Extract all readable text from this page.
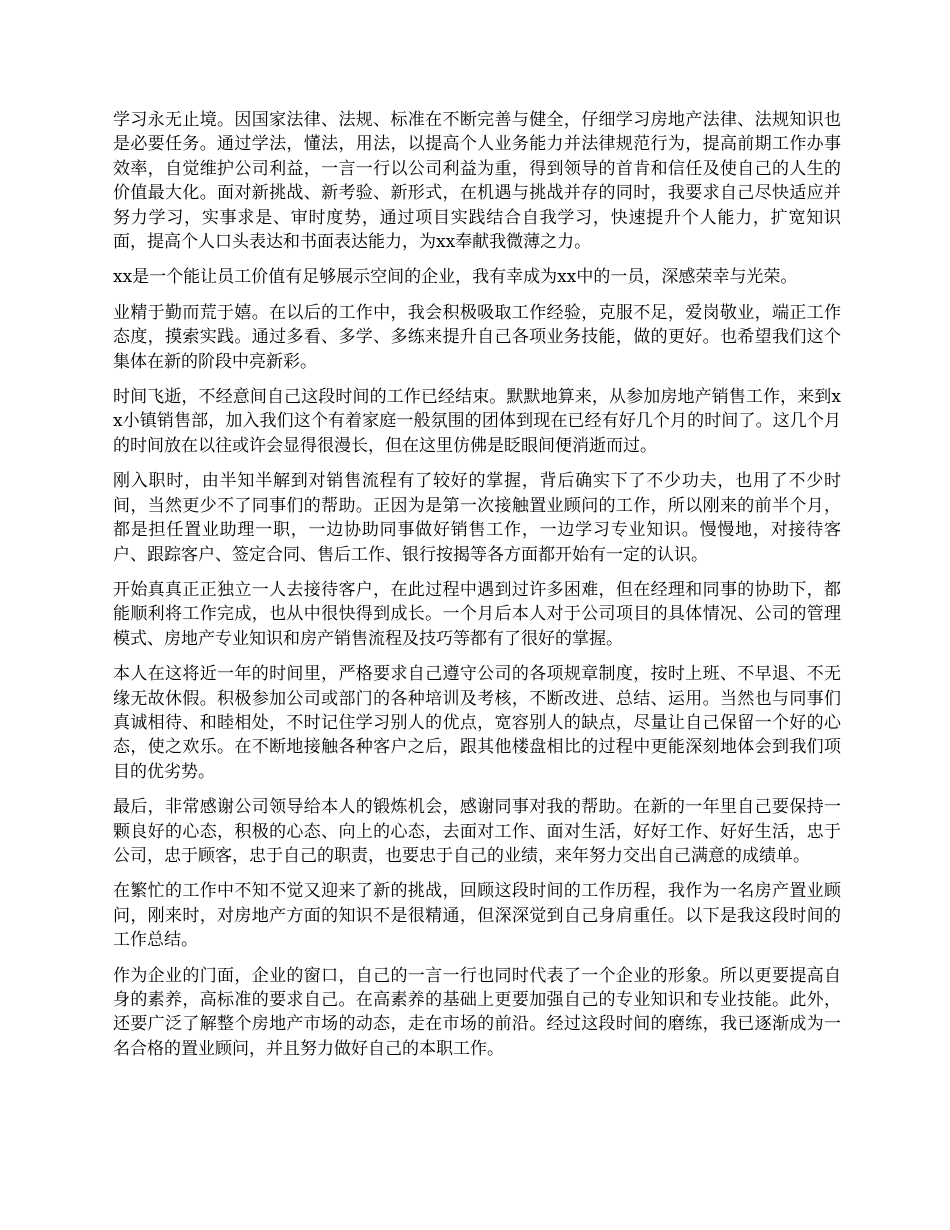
学习永无止境。因国家法律、法规、标准在不断完善与健全，仔细学习房地产法律、法规知识也是必要任务。通过学法，懂法，用法，以提高个人业务能力并法律规范行为，提高前期工作办事效率，自觉维护公司利益，一言一行以公司利益为重，得到领导的首肯和信任及使自己的人生的价值最大化。面对新挑战、新考验、新形式，在机遇与挑战并存的同时，我要求自己尽快适应并努力学习，实事求是、审时度势，通过项目实践结合自我学习，快速提升个人能力，扩宽知识面，提高个人口头表达和书面表达能力，为xx奉献我微薄之力。

xx是一个能让员工价值有足够展示空间的企业，我有幸成为xx中的一员，深感荣幸与光荣。

业精于勤而荒于嬉。在以后的工作中，我会积极吸取工作经验，克服不足，爱岗敬业，端正工作态度，摸索实践。通过多看、多学、多练来提升自己各项业务技能，做的更好。也希望我们这个集体在新的阶段中亮新彩。

时间飞逝，不经意间自己这段时间的工作已经结束。默默地算来，从参加房地产销售工作，来到xx小镇销售部，加入我们这个有着家庭一般氛围的团体到现在已经有好几个月的时间了。这几个月的时间放在以往或许会显得很漫长，但在这里仿佛是眨眼间便消逝而过。

刚入职时，由半知半解到对销售流程有了较好的掌握，背后确实下了不少功夫，也用了不少时间，当然更少不了同事们的帮助。正因为是第一次接触置业顾问的工作，所以刚来的前半个月，都是担任置业助理一职，一边协助同事做好销售工作，一边学习专业知识。慢慢地，对接待客户、跟踪客户、签定合同、售后工作、银行按揭等各方面都开始有一定的认识。

开始真真正正独立一人去接待客户，在此过程中遇到过许多困难，但在经理和同事的协助下，都能顺利将工作完成，也从中很快得到成长。一个月后本人对于公司项目的具体情况、公司的管理模式、房地产专业知识和房产销售流程及技巧等都有了很好的掌握。

本人在这将近一年的时间里，严格要求自己遵守公司的各项规章制度，按时上班、不早退、不无缘无故休假。积极参加公司或部门的各种培训及考核，不断改进、总结、运用。当然也与同事们真诚相待、和睦相处，不时记住学习别人的优点，宽容别人的缺点，尽量让自己保留一个好的心态，使之欢乐。在不断地接触各种客户之后，跟其他楼盘相比的过程中更能深刻地体会到我们项目的优劣势。

最后，非常感谢公司领导给本人的锻炼机会，感谢同事对我的帮助。在新的一年里自己要保持一颗良好的心态，积极的心态、向上的心态，去面对工作、面对生活，好好工作、好好生活，忠于公司，忠于顾客，忠于自己的职责，也要忠于自己的业绩，来年努力交出自己满意的成绩单。

在繁忙的工作中不知不觉又迎来了新的挑战，回顾这段时间的工作历程，我作为一名房产置业顾问，刚来时，对房地产方面的知识不是很精通，但深深觉到自己身肩重任。以下是我这段时间的工作总结。

作为企业的门面，企业的窗口，自己的一言一行也同时代表了一个企业的形象。所以更要提高自身的素养，高标准的要求自己。在高素养的基础上更要加强自己的专业知识和专业技能。此外，还要广泛了解整个房地产市场的动态，走在市场的前沿。经过这段时间的磨练，我已逐渐成为一名合格的置业顾问，并且努力做好自己的本职工作。
